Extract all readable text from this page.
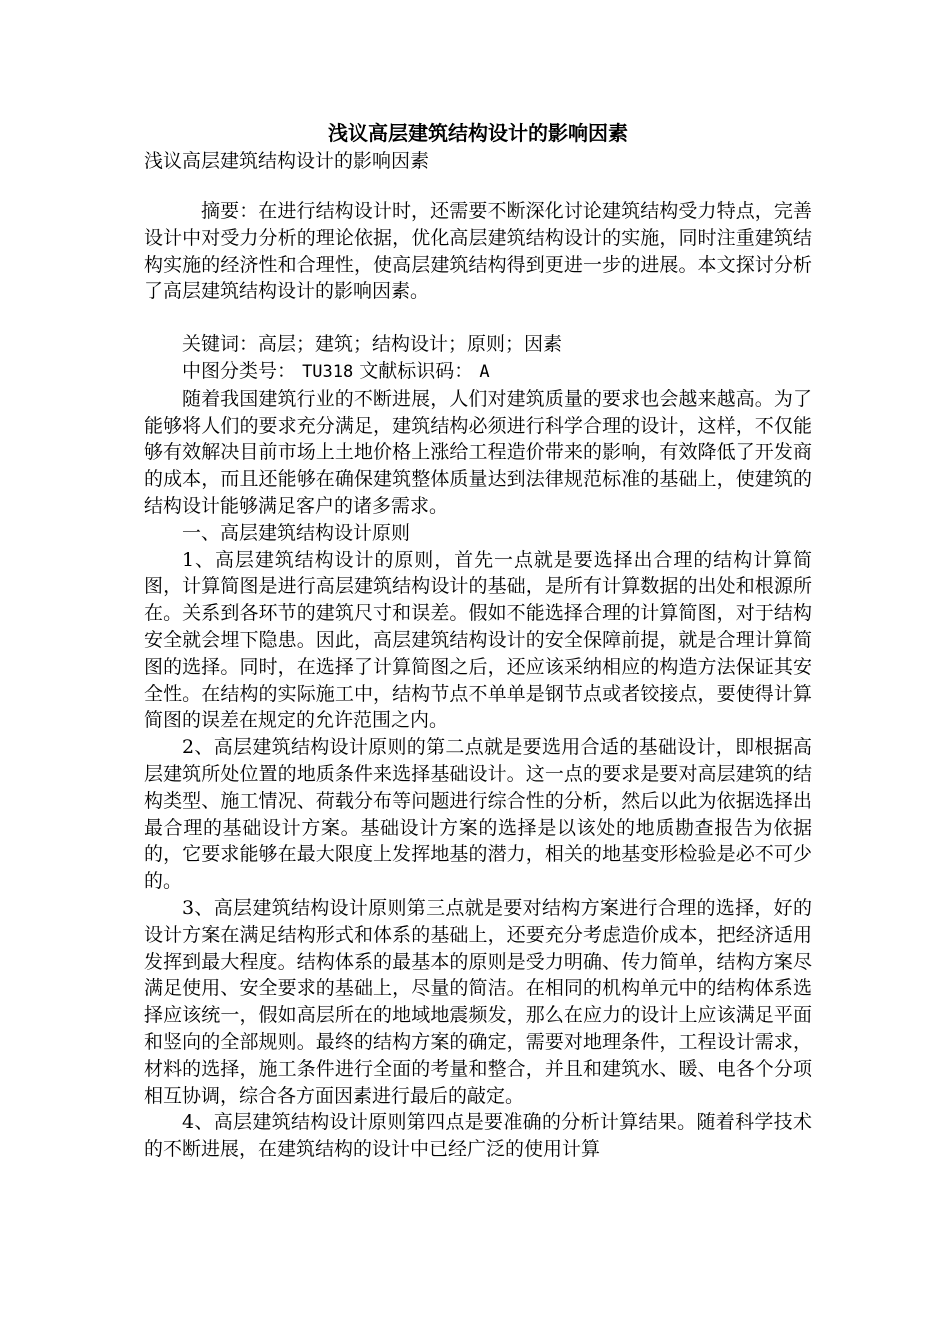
浅议高层建筑结构设计的影响因素

浅议高层建筑结构设计的影响因素

摘要：在进行结构设计时，还需要不断深化讨论建筑结构受力特点，完善设计中对受力分析的理论依据，优化高层建筑结构设计的实施，同时注重建筑结构实施的经济性和合理性，使高层建筑结构得到更进一步的进展。本文探讨分析了高层建筑结构设计的影响因素。

关键词：高层；建筑；结构设计；原则；因素

中图分类号： TU318 文献标识码： A

随着我国建筑行业的不断进展，人们对建筑质量的要求也会越来越高。为了能够将人们的要求充分满足，建筑结构必须进行科学合理的设计，这样，不仅能够有效解决目前市场上土地价格上涨给工程造价带来的影响，有效降低了开发商的成本，而且还能够在确保建筑整体质量达到法律规范标准的基础上，使建筑的结构设计能够满足客户的诸多需求。

一、高层建筑结构设计原则

1、高层建筑结构设计的原则，首先一点就是要选择出合理的结构计算简图，计算简图是进行高层建筑结构设计的基础，是所有计算数据的出处和根源所在。关系到各环节的建筑尺寸和误差。假如不能选择合理的计算简图，对于结构安全就会埋下隐患。因此，高层建筑结构设计的安全保障前提，就是合理计算简图的选择。同时，在选择了计算简图之后，还应该采纳相应的构造方法保证其安全性。在结构的实际施工中，结构节点不单单是钢节点或者铰接点，要使得计算简图的误差在规定的允许范围之内。

2、高层建筑结构设计原则的第二点就是要选用合适的基础设计，即根据高层建筑所处位置的地质条件来选择基础设计。这一点的要求是要对高层建筑的结构类型、施工情况、荷载分布等问题进行综合性的分析，然后以此为依据选择出最合理的基础设计方案。基础设计方案的选择是以该处的地质勘查报告为依据的，它要求能够在最大限度上发挥地基的潜力，相关的地基变形检验是必不可少的。

3、高层建筑结构设计原则第三点就是要对结构方案进行合理的选择，好的设计方案在满足结构形式和体系的基础上，还要充分考虑造价成本，把经济适用发挥到最大程度。结构体系的最基本的原则是受力明确、传力简单，结构方案尽满足使用、安全要求的基础上，尽量的简洁。在相同的机构单元中的结构体系选择应该统一，假如高层所在的地域地震频发，那么在应力的设计上应该满足平面和竖向的全部规则。最终的结构方案的确定，需要对地理条件，工程设计需求，材料的选择，施工条件进行全面的考量和整合，并且和建筑水、暖、电各个分项相互协调，综合各方面因素进行最后的敲定。

4、高层建筑结构设计原则第四点是要准确的分析计算结果。随着科学技术的不断进展，在建筑结构的设计中已经广泛的使用计算
